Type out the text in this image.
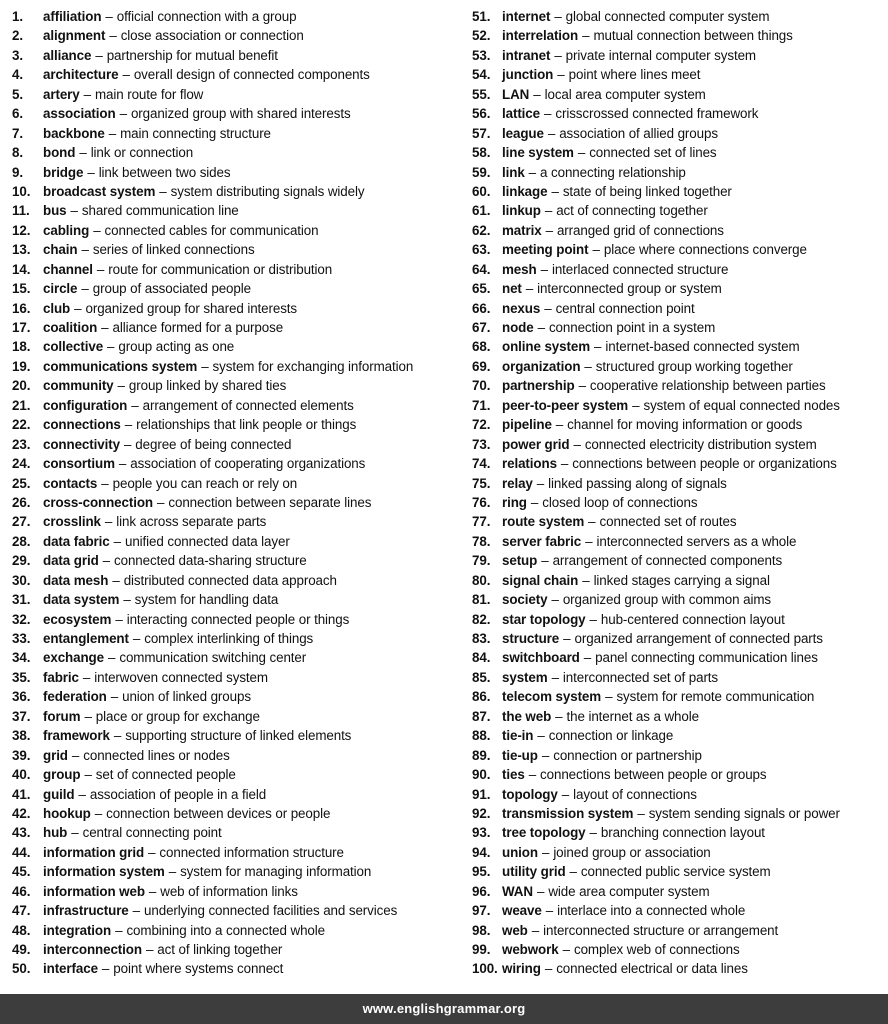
1.	affiliation – official connection with a group
2.	alignment – close association or connection
3.	alliance – partnership for mutual benefit
4.	architecture – overall design of connected components
5.	artery – main route for flow
6.	association – organized group with shared interests
7.	backbone – main connecting structure
8.	bond – link or connection
9.	bridge – link between two sides
10. broadcast system – system distributing signals widely
11.	bus – shared communication line
12. cabling – connected cables for communication
13. chain – series of linked connections
14. channel – route for communication or distribution
15. circle – group of associated people
16. club – organized group for shared interests
17. coalition – alliance formed for a purpose
18. collective – group acting as one
19. communications system – system for exchanging information
20. community – group linked by shared ties
21. configuration – arrangement of connected elements
22. connections – relationships that link people or things
23. connectivity – degree of being connected
24. consortium – association of cooperating organizations
25. contacts – people you can reach or rely on
26. cross-connection – connection between separate lines
27. crosslink – link across separate parts
28. data fabric – unified connected data layer
29. data grid – connected data-sharing structure
30. data mesh – distributed connected data approach
31. data system – system for handling data
32. ecosystem – interacting connected people or things
33. entanglement – complex interlinking of things
34. exchange – communication switching center
35. fabric – interwoven connected system
36. federation – union of linked groups
37. forum – place or group for exchange
38. framework – supporting structure of linked elements
39. grid – connected lines or nodes
40. group – set of connected people
41. guild – association of people in a field
42. hookup – connection between devices or people
43. hub – central connecting point
44. information grid – connected information structure
45. information system – system for managing information
46. information web – web of information links
47. infrastructure – underlying connected facilities and services
48. integration – combining into a connected whole
49. interconnection – act of linking together
50. interface – point where systems connect
51. internet – global connected computer system
52. interrelation – mutual connection between things
53. intranet – private internal computer system
54. junction – point where lines meet
55. LAN – local area computer system
56. lattice – crisscrossed connected framework
57. league – association of allied groups
58. line system – connected set of lines
59. link – a connecting relationship
60. linkage – state of being linked together
61. linkup – act of connecting together
62. matrix – arranged grid of connections
63. meeting point – place where connections converge
64. mesh – interlaced connected structure
65. net – interconnected group or system
66. nexus – central connection point
67. node – connection point in a system
68. online system – internet-based connected system
69. organization – structured group working together
70. partnership – cooperative relationship between parties
71. peer-to-peer system – system of equal connected nodes
72. pipeline – channel for moving information or goods
73. power grid – connected electricity distribution system
74. relations – connections between people or organizations
75. relay – linked passing along of signals
76. ring – closed loop of connections
77. route system – connected set of routes
78. server fabric – interconnected servers as a whole
79. setup – arrangement of connected components
80. signal chain – linked stages carrying a signal
81. society – organized group with common aims
82. star topology – hub-centered connection layout
83. structure – organized arrangement of connected parts
84. switchboard – panel connecting communication lines
85. system – interconnected set of parts
86. telecom system – system for remote communication
87. the web – the internet as a whole
88. tie-in – connection or linkage
89. tie-up – connection or partnership
90. ties – connections between people or groups
91. topology – layout of connections
92. transmission system – system sending signals or power
93. tree topology – branching connection layout
94. union – joined group or association
95. utility grid – connected public service system
96. WAN – wide area computer system
97. weave – interlace into a connected whole
98. web – interconnected structure or arrangement
99. webwork – complex web of connections
100. wiring – connected electrical or data lines
www.englishgrammar.org
